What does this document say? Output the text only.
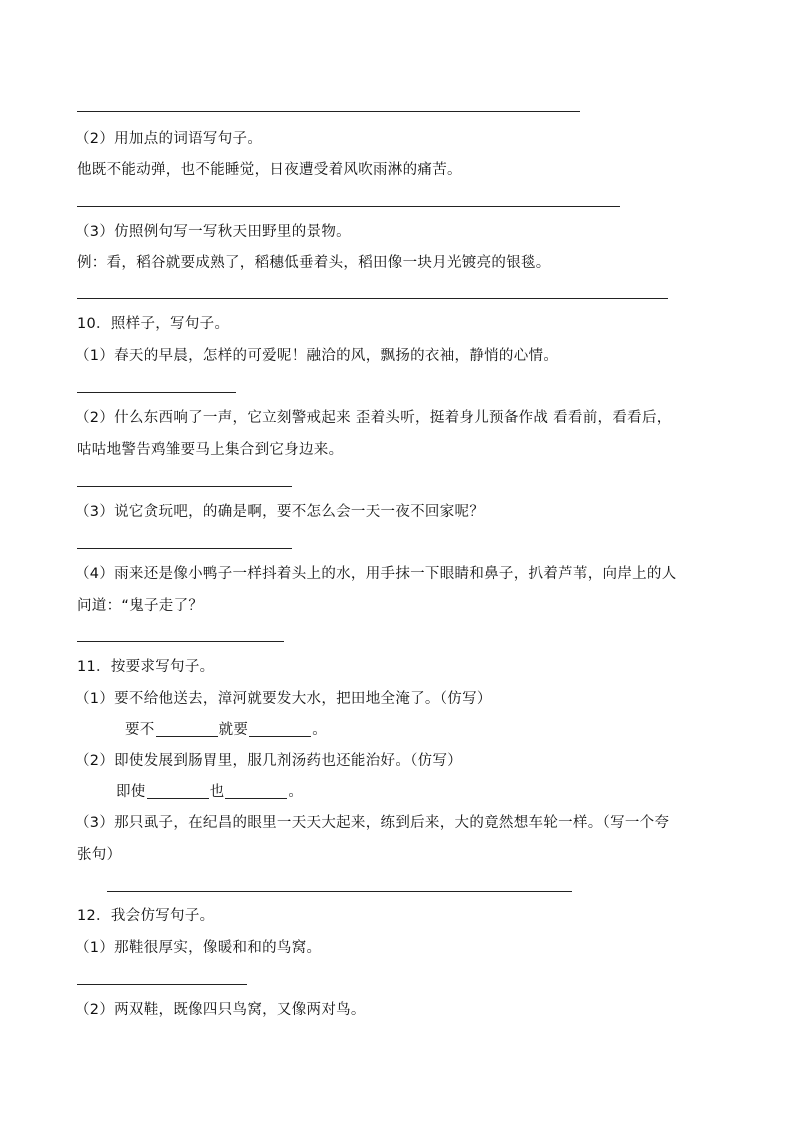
（2）用加点的词语写句子。
他既不能动弹，也不能睡觉，日夜遭受着风吹雨淋的痛苦。
（3）仿照例句写一写秋天田野里的景物。
例：看，稻谷就要成熟了，稻穗低垂着头，稻田像一块月光镀亮的银毯。
10．照样子，写句子。
（1）春天的早晨，怎样的可爱呢！融洽的风，飘扬的衣袖，静悄的心情。
（2）什么东西响了一声，它立刻警戒起来 歪着头听，挺着身儿预备作战 看看前，看看后，
咕咕地警告鸡雏要马上集合到它身边来。
（3）说它贪玩吧，的确是啊，要不怎么会一天一夜不回家呢？
（4）雨来还是像小鸭子一样抖着头上的水，用手抹一下眼睛和鼻子，扒着芦苇，向岸上的人
问道：“鬼子走了？
11．按要求写句子。
（1）要不给他送去，漳河就要发大水，把田地全淹了。（仿写）
要不	就要	。
（2）即使发展到肠胃里，服几剂汤药也还能治好。（仿写）
即使	也	。
（3）那只虱子，在纪昌的眼里一天天大起来，练到后来，大的竟然想车轮一样。（写一个夸
张句）
12．我会仿写句子。
（1）那鞋很厚实，像暖和和的鸟窝。
（2）两双鞋，既像四只鸟窝，又像两对鸟。
